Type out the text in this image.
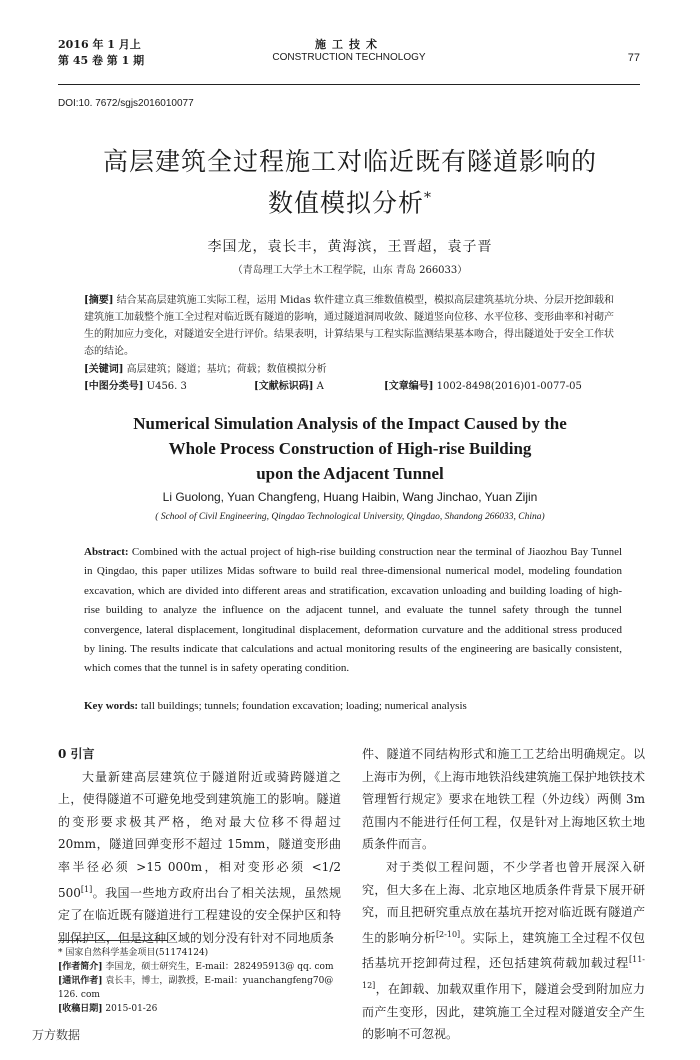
2016 年 1 月上
第 45 卷 第 1 期
施工技术
CONSTRUCTION TECHNOLOGY	77
DOI:10. 7672/sgjs2016010077
高层建筑全过程施工对临近既有隧道影响的
数值模拟分析*
李国龙，袁长丰，黄海滨，王晋超，袁子晋
（青岛理工大学土木工程学院，山东 青岛 266033）
[摘要] 结合某高层建筑施工实际工程，运用 Midas 软件建立真三维数值模型，模拟高层建筑基坑分块、分层开挖卸载和建筑施工加载整个施工全过程对临近既有隧道的影响，通过隧道洞周收敛、隧道竖向位移、水平位移、变形曲率和衬砌产生的附加应力变化，对隧道安全进行评价。结果表明，计算结果与工程实际监测结果基本吻合，得出隧道处于安全工作状态的结论。
[关键词] 高层建筑；隧道；基坑；荷载；数值模拟分析
[中图分类号] U456. 3	[文献标识码] A	[文章编号] 1002-8498(2016)01-0077-05
Numerical Simulation Analysis of the Impact Caused by the
Whole Process Construction of High-rise Building
upon the Adjacent Tunnel
Li Guolong, Yuan Changfeng, Huang Haibin, Wang Jinchao, Yuan Zijin
( School of Civil Engineering, Qingdao Technological University, Qingdao, Shandong 266033, China)
Abstract: Combined with the actual project of high-rise building construction near the terminal of Jiaozhou Bay Tunnel in Qingdao, this paper utilizes Midas software to build real three-dimensional numerical model, modeling foundation excavation, which are divided into different areas and stratification, excavation unloading and building loading of high-rise building to analyze the influence on the adjacent tunnel, and evaluate the tunnel safety through the tunnel convergence, lateral displacement, longitudinal displacement, deformation curvature and the additional stress produced by lining. The results indicate that calculations and actual monitoring results of the engineering are basically consistent, which comes that the tunnel is in safety operating condition.
Key words: tall buildings; tunnels; foundation excavation; loading; numerical analysis
0 引言

大量新建高层建筑位于隧道附近或骑跨隧道之上，使得隧道不可避免地受到建筑施工的影响。隧道的变形要求极其严格，绝对最大位移不得超过 20mm，隧道回弹变形不超过 15mm，隧道变形曲率半径必须 >15 000m，相对变形必须 <1/2 500[1]。我国一些地方政府出台了相关法规，虽然规定了在临近既有隧道进行工程建设的安全保护区和特别保护区，但是这种区域的划分没有针对不同地质条

件、隧道不同结构形式和施工工艺给出明确规定。以上海市为例，《上海市地铁沿线建筑施工保护地铁技术管理暂行规定》要求在地铁工程（外边线）两侧 3m 范围内不能进行任何工程，仅是针对上海地区软土地质条件而言。

对于类似工程问题，不少学者也曾开展深入研究，但大多在上海、北京地区地质条件背景下展开研究，而且把研究重点放在基坑开挖对临近既有隧道产生的影响分析[2-10]。实际上，建筑施工全过程不仅包括基坑开挖卸荷过程，还包括建筑荷载加载过程[11-12]，在卸载、加载双重作用下，隧道会受到附加应力而产生变形，因此，建筑施工全过程对隧道安全产生的影响不可忽视。

* 国家自然科学基金项目(51174124)
[作者简介] 李国龙，硕士研究生，E-mail：282495913@ qq. com
[通讯作者] 袁长丰，博士，副教授，E-mail：yuanchangfeng70@ 126. com
[收稿日期] 2015-01-26
万方数据
